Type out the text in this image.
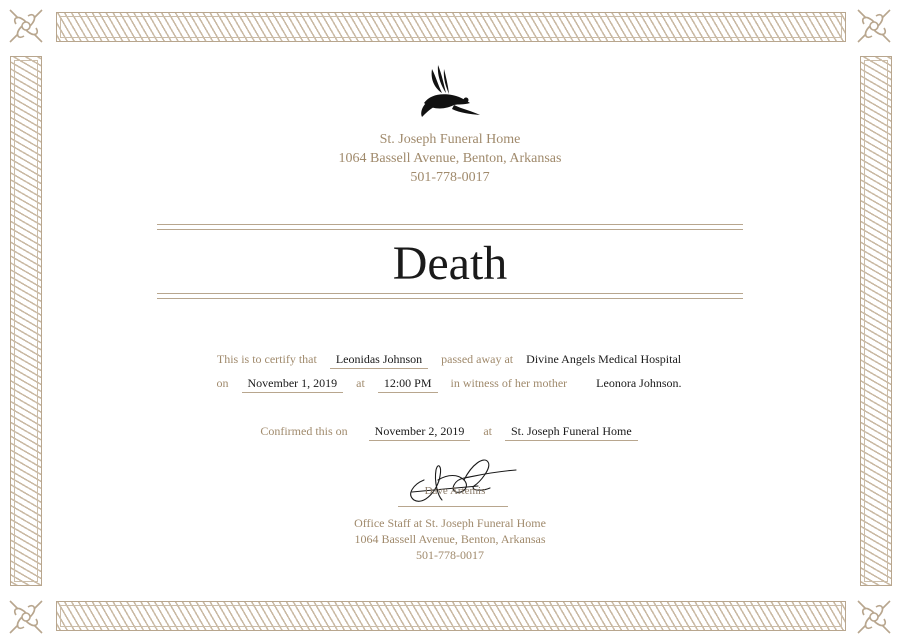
St. Joseph Funeral Home
1064 Bassell Avenue, Benton, Arkansas
501-778-0017
Death
This is to certify that Leonidas Johnson passed away at Divine Angels Medical Hospital
on November 1, 2019 at 12:00 PM in witness of her mother Leonora Johnson.
Confirmed this on November 2, 2019 at St. Joseph Funeral Home
Dave Artemis
Office Staff at St. Joseph Funeral Home
1064 Bassell Avenue, Benton, Arkansas
501-778-0017
